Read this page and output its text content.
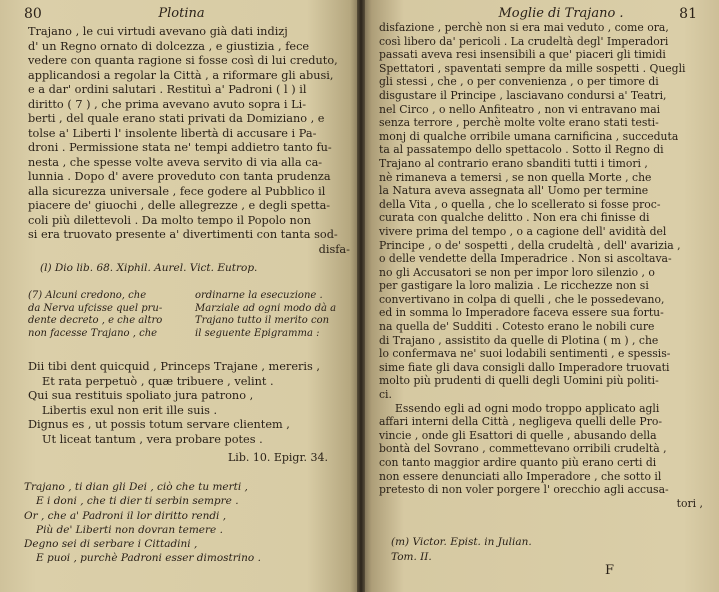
80	Plotina
Trajano , le cui virtudi avevano già dati indizj
d' un Regno ornato di dolcezza , e giustizia , fece
vedere con quanta ragione si fosse così di lui creduto,
applicandosi a regolar la Città , a riformare gli abusi,
e a dar' ordini salutari . Restituì a' Padroni ( l ) il
diritto ( 7 ) , che prima avevano avuto sopra i Li-
berti , del quale erano stati privati da Domiziano , e
tolse a' Liberti l' insolente libertà di accusare i Pa-
droni . Permissione stata ne' tempi addietro tanto fu-
nesta , che spesse volte aveva servito di via alla ca-
lunnia . Dopo d' avere proveduto con tanta prudenza
alla sicurezza universale , fece godere al Pubblico il
piacere de' giuochi , delle allegrezze , e degli spetta-
coli più dilettevoli . Da molto tempo il Popolo non
si era truovato presente a' divertimenti con tanta sod-
disfa-
(l) Dio lib. 68. Xiphil. Aurel. Vict. Eutrop.
(7) Alcuni credono, che
da Nerva ufcisse quel pru-
dente decreto , e che altro
non facesse Trajano , che
ordinarne la esecuzione .
Marziale ad ogni modo dà a
Trajano tutto il merito con
il seguente Epigramma :
Dii tibi dent quicquid , Princeps Trajane , mereris ,
Et rata perpetuò , quæ tribuere , velint .
Qui sua restituis spoliato jura patrono ,
Libertis exul non erit ille suis .
Dignus es , ut possis totum servare clientem ,
Ut liceat tantum , vera probare potes .
Lib. 10. Epigr. 34.
Trajano , ti dian gli Dei , ciò che tu merti ,
E i doni , che ti dier ti serbin sempre .
Or , che a' Padroni il lor diritto rendi ,
Più de' Liberti non dovran temere .
Degno sei di serbare i Cittadini ,
E puoi , purchè Padroni esser dimostrino .
Moglie di Trajano .	81
disfazione , perchè non si era mai veduto , come ora,
così libero da' pericoli . La crudeltà degl' Imperadori
passati aveva resi insensibili a que' piaceri gli timidi
Spettatori , spaventati sempre da mille sospetti . Quegli
gli stessi , che , o per convenienza , o per timore di
disgustare il Principe , lasciavano condursi a' Teatri,
nel Circo , o nello Anfiteatro , non vi entravano mai
senza terrore , perchè molte volte erano stati testi-
monj di qualche orribile umana carnificina , succeduta
ta al passatempo dello spettacolo . Sotto il Regno di
Trajano al contrario erano sbanditi tutti i timori ,
nè rimaneva a temersi , se non quella Morte , che
la Natura aveva assegnata all' Uomo per termine
della Vita , o quella , che lo scellerato si fosse proc-
curata con qualche delitto . Non era chi finisse di
vivere prima del tempo , o a cagione dell' avidità del
Principe , o de' sospetti , della crudeltà , dell' avarizia ,
o delle vendette della Imperadrice . Non si ascoltava-
no gli Accusatori se non per impor loro silenzio , o
per gastigare la loro malizia . Le ricchezze non si
convertivano in colpa di quelli , che le possedevano,
ed in somma lo Imperadore faceva essere sua fortu-
na quella de' Sudditi . Cotesto erano le nobili cure
di Trajano , assistito da quelle di Plotina ( m ) , che
lo confermava ne' suoi lodabili sentimenti , e spessis-
sime fiate gli dava consigli dallo Imperadore truovati
molto più prudenti di quelli degli Uomini più politi-
ci.
Essendo egli ad ogni modo troppo applicato agli
affari interni della Città , negligeva quelli delle Pro-
vincie , onde gli Esattori di quelle , abusando della
bontà del Sovrano , commettevano orribili crudeltà ,
con tanto maggior ardire quanto più erano certi di
non essere denunciati allo Imperadore , che sotto il
pretesto di non voler porgere l' orecchio agli accusa-
tori ,
(m) Victor. Epist. in Julian.
Tom. II.
F
